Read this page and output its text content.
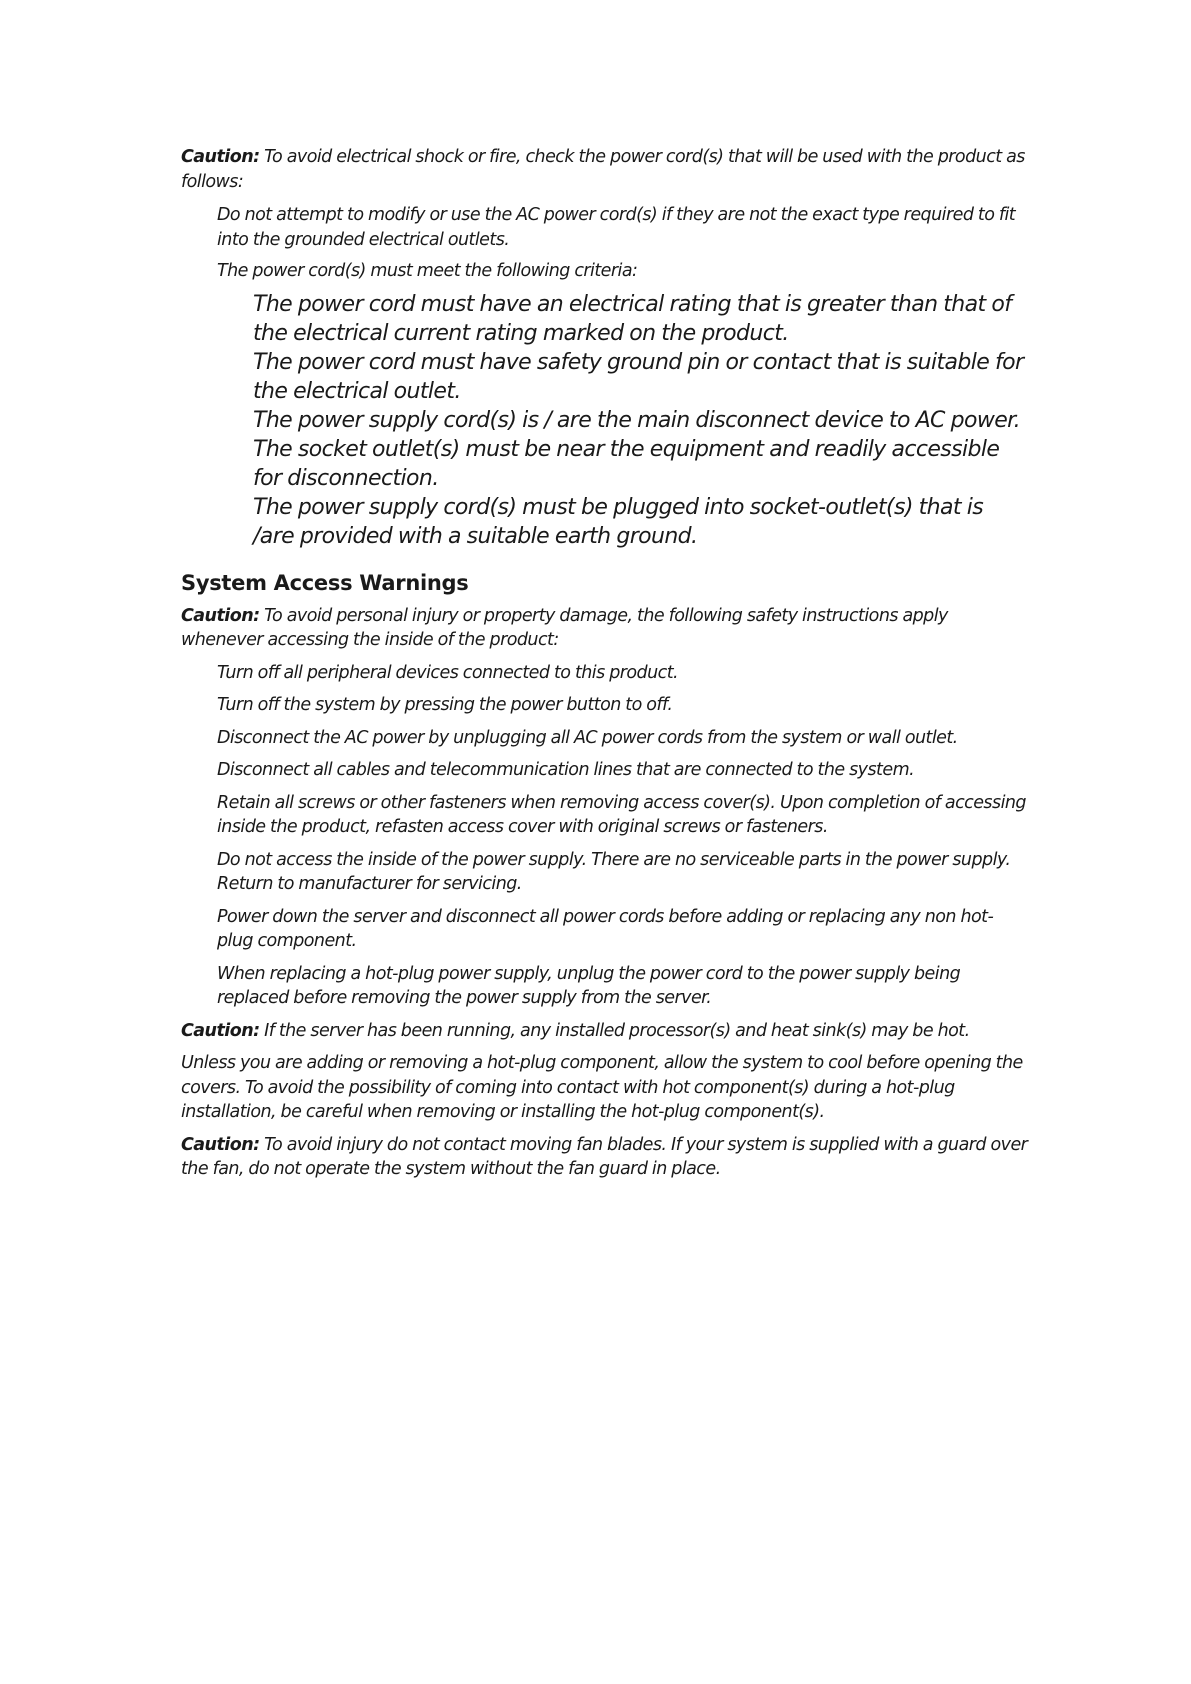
Caution: To avoid electrical shock or fire, check the power cord(s) that will be used with the product as follows:

Do not attempt to modify or use the AC power cord(s) if they are not the exact type required to fit into the grounded electrical outlets.

The power cord(s) must meet the following criteria:

The power cord must have an electrical rating that is greater than that of the electrical current rating marked on the product.

The power cord must have safety ground pin or contact that is suitable for the electrical outlet.

The power supply cord(s) is / are the main disconnect device to AC power. The socket outlet(s) must be near the equipment and readily accessible for disconnection.

The power supply cord(s) must be plugged into socket-outlet(s) that is /are provided with a suitable earth ground.

System Access Warnings

Caution: To avoid personal injury or property damage, the following safety instructions apply whenever accessing the inside of the product:

Turn off all peripheral devices connected to this product.

Turn off the system by pressing the power button to off.

Disconnect the AC power by unplugging all AC power cords from the system or wall outlet.

Disconnect all cables and telecommunication lines that are connected to the system.

Retain all screws or other fasteners when removing access cover(s). Upon completion of accessing inside the product, refasten access cover with original screws or fasteners.

Do not access the inside of the power supply. There are no serviceable parts in the power supply. Return to manufacturer for servicing.

Power down the server and disconnect all power cords before adding or replacing any non hot-plug component.

When replacing a hot-plug power supply, unplug the power cord to the power supply being replaced before removing the power supply from the server.

Caution: If the server has been running, any installed processor(s) and heat sink(s) may be hot.

Unless you are adding or removing a hot-plug component, allow the system to cool before opening the covers. To avoid the possibility of coming into contact with hot component(s) during a hot-plug installation, be careful when removing or installing the hot-plug component(s).

Caution: To avoid injury do not contact moving fan blades. If your system is supplied with a guard over the fan, do not operate the system without the fan guard in place.
